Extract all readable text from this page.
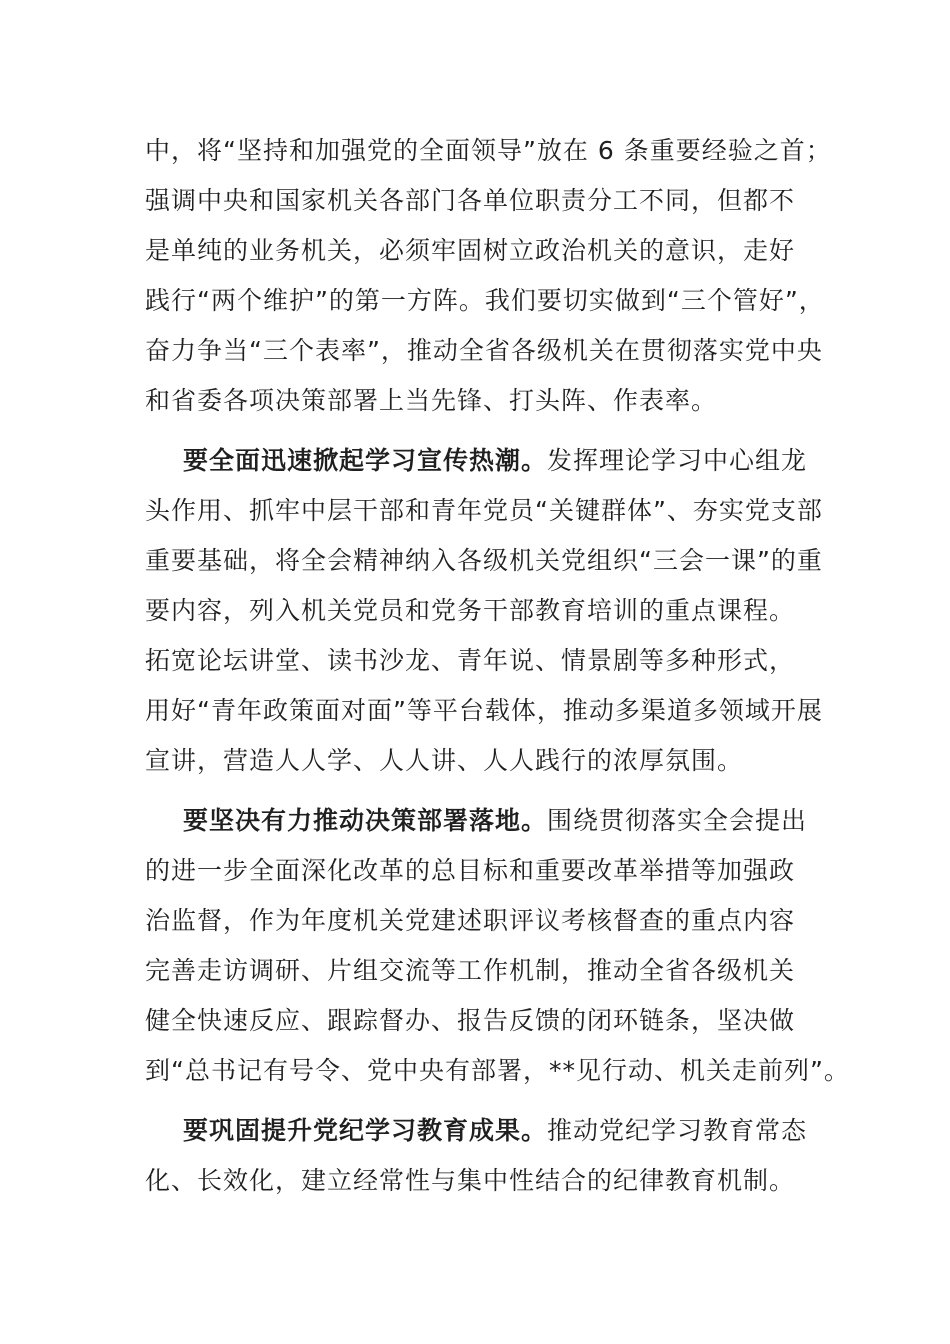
中，将“坚持和加强党的全面领导”放在 6 条重要经验之首；

强调中央和国家机关各部门各单位职责分工不同，但都不

是单纯的业务机关，必须牢固树立政治机关的意识，走好

践行“两个维护”的第一方阵。我们要切实做到“三个管好”，

奋力争当“三个表率”，推动全省各级机关在贯彻落实党中央

和省委各项决策部署上当先锋、打头阵、作表率。

要全面迅速掀起学习宣传热潮。发挥理论学习中心组龙

头作用、抓牢中层干部和青年党员“关键群体”、夯实党支部

重要基础，将全会精神纳入各级机关党组织“三会一课”的重

要内容，列入机关党员和党务干部教育培训的重点课程。

拓宽论坛讲堂、读书沙龙、青年说、情景剧等多种形式，

用好“青年政策面对面”等平台载体，推动多渠道多领域开展

宣讲，营造人人学、人人讲、人人践行的浓厚氛围。

要坚决有力推动决策部署落地。围绕贯彻落实全会提出

的进一步全面深化改革的总目标和重要改革举措等加强政

治监督，作为年度机关党建述职评议考核督查的重点内容

完善走访调研、片组交流等工作机制，推动全省各级机关

健全快速反应、跟踪督办、报告反馈的闭环链条，坚决做

到“总书记有号令、党中央有部署，**见行动、机关走前列”。

要巩固提升党纪学习教育成果。推动党纪学习教育常态

化、长效化，建立经常性与集中性结合的纪律教育机制。
